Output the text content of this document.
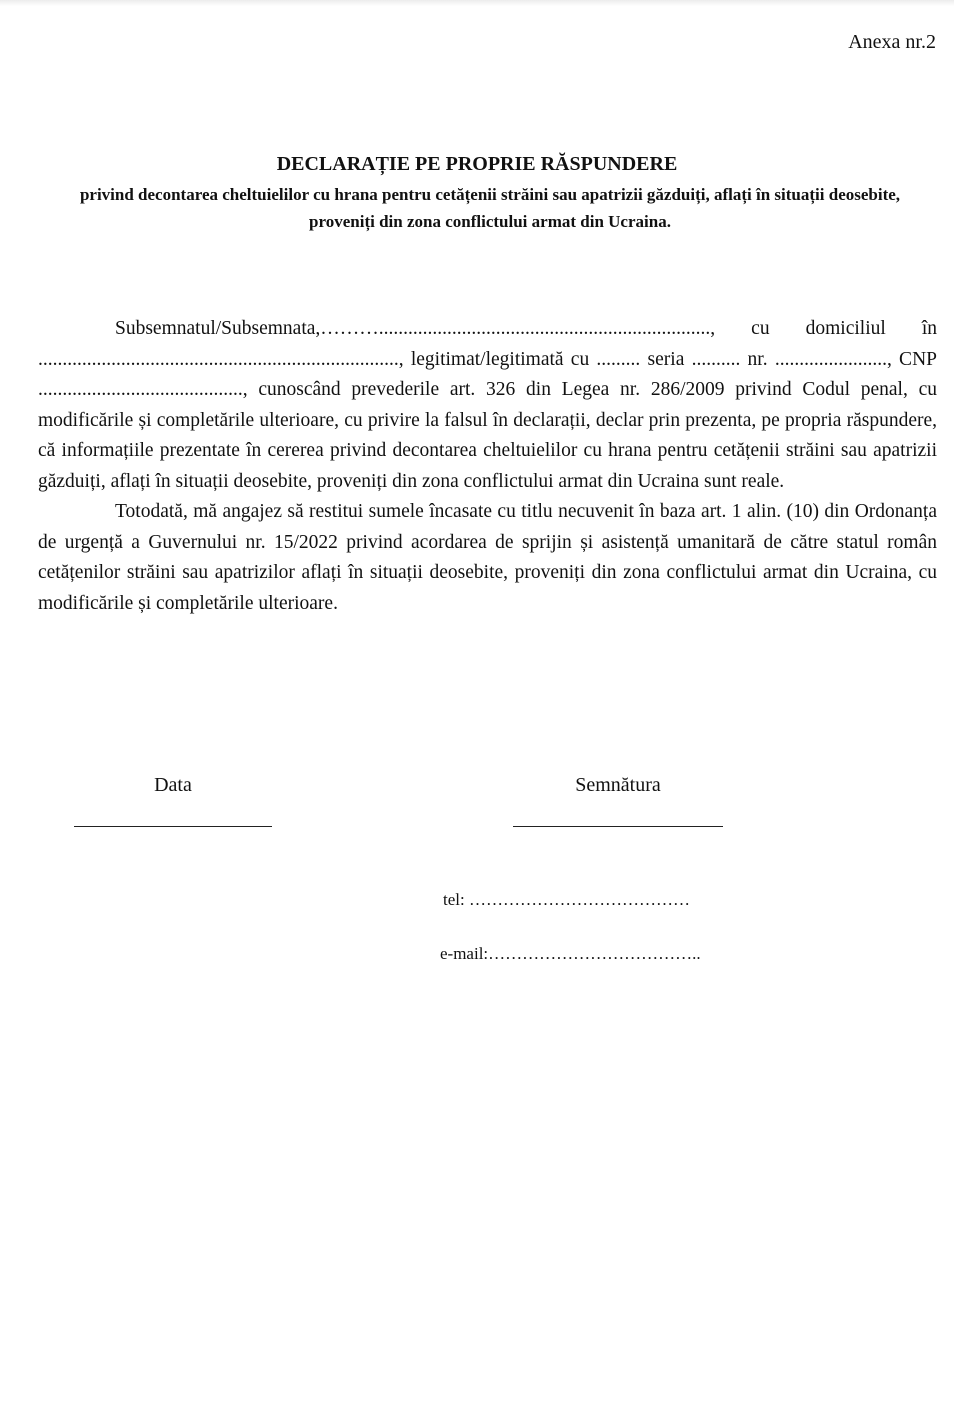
Anexa nr.2
DECLARAȚIE PE PROPRIE RĂSPUNDERE
privind decontarea cheltuielilor cu hrana pentru cetățenii străini sau apatrizii găzduiți, aflați în situații deosebite, proveniți din zona conflictului armat din Ucraina.

Subsemnatul/Subsemnata,………...................................................................., cu domiciliul în .........................................................................., legitimat/legitimată cu ......... seria .......... nr. ......................., CNP .........................................., cunoscând prevederile art. 326 din Legea nr. 286/2009 privind Codul penal, cu modificările și completările ulterioare, cu privire la falsul în declarații, declar prin prezenta, pe propria răspundere, că informațiile prezentate în cererea privind decontarea cheltuielilor cu hrana pentru cetățenii străini sau apatrizii găzduiți, aflați în situații deosebite, proveniți din zona conflictului armat din Ucraina sunt reale.

Totodată, mă angajez să restitui sumele încasate cu titlu necuvenit în baza art. 1 alin. (10) din Ordonanța de urgență a Guvernului nr. 15/2022 privind acordarea de sprijin și asistență umanitară de către statul român cetățenilor străini sau apatrizilor aflați în situații deosebite, proveniți din zona conflictului armat din Ucraina, cu modificările și completările ulterioare.

Data	Semnătura
tel: …………………………………
e-mail:………………………………..
